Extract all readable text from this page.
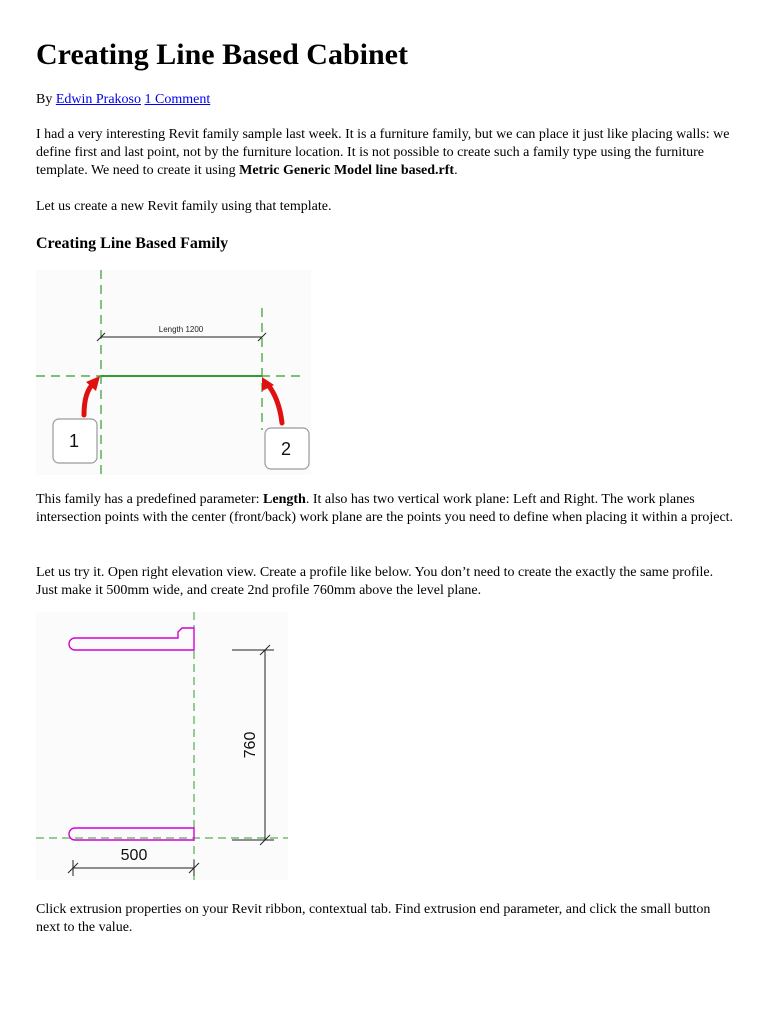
Creating Line Based Cabinet
By Edwin Prakoso 1 Comment

I had a very interesting Revit family sample last week. It is a furniture family, but we can place it just like placing walls: we define first and last point, not by the furniture location. It is not possible to create such a family type using the furniture template. We need to create it using Metric Generic Model line based.rft.

Let us create a new Revit family using that template.

Creating Line Based Family
Length 1200
1	2

This family has a predefined parameter: Length. It also has two vertical work plane: Left and Right. The work planes intersection points with the center (front/back) work plane are the points you need to define when placing it within a project.

Let us try it. Open right elevation view. Create a profile like below. You don’t need to create the exactly the same profile. Just make it 500mm wide, and create 2nd profile 760mm above the level plane.

760
500

Click extrusion properties on your Revit ribbon, contextual tab. Find extrusion end parameter, and click the small button next to the value.
